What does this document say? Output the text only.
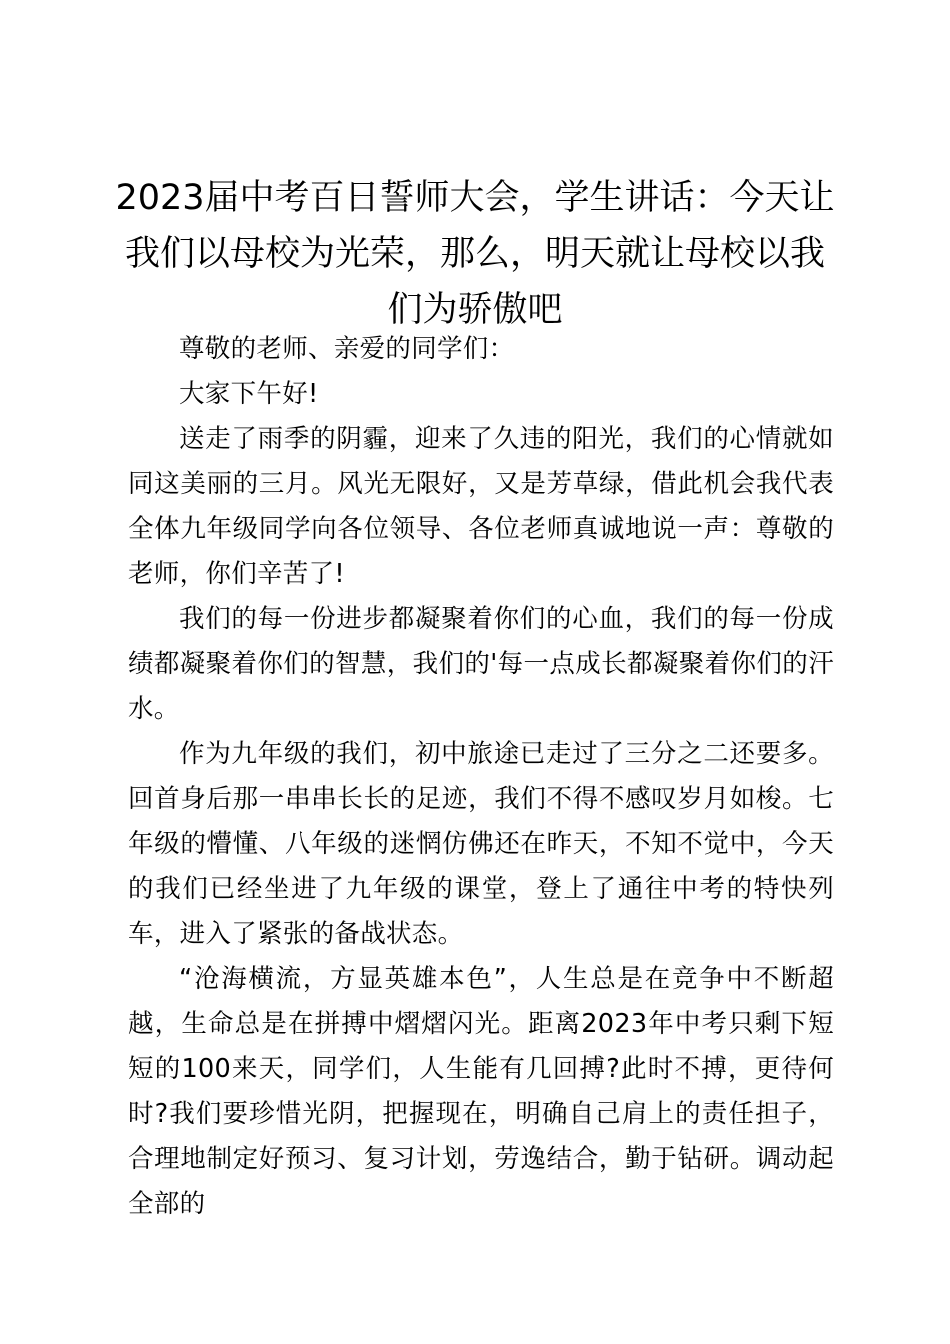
2023届中考百日誓师大会，学生讲话：今天让我们以母校为光荣，那么，明天就让母校以我们为骄傲吧

尊敬的老师、亲爱的同学们：

大家下午好!

送走了雨季的阴霾，迎来了久违的阳光，我们的心情就如同这美丽的三月。风光无限好，又是芳草绿，借此机会我代表全体九年级同学向各位领导、各位老师真诚地说一声：尊敬的老师，你们辛苦了!

我们的每一份进步都凝聚着你们的心血，我们的每一份成绩都凝聚着你们的智慧，我们的'每一点成长都凝聚着你们的汗水。

作为九年级的我们，初中旅途已走过了三分之二还要多。回首身后那一串串长长的足迹，我们不得不感叹岁月如梭。七年级的懵懂、八年级的迷惘仿佛还在昨天，不知不觉中，今天的我们已经坐进了九年级的课堂，登上了通往中考的特快列车，进入了紧张的备战状态。

“沧海横流，方显英雄本色”，人生总是在竞争中不断超越，生命总是在拼搏中熠熠闪光。距离2023年中考只剩下短短的100来天，同学们，人生能有几回搏?此时不搏，更待何时?我们要珍惜光阴，把握现在，明确自己肩上的责任担子，合理地制定好预习、复习计划，劳逸结合，勤于钻研。调动起全部的
